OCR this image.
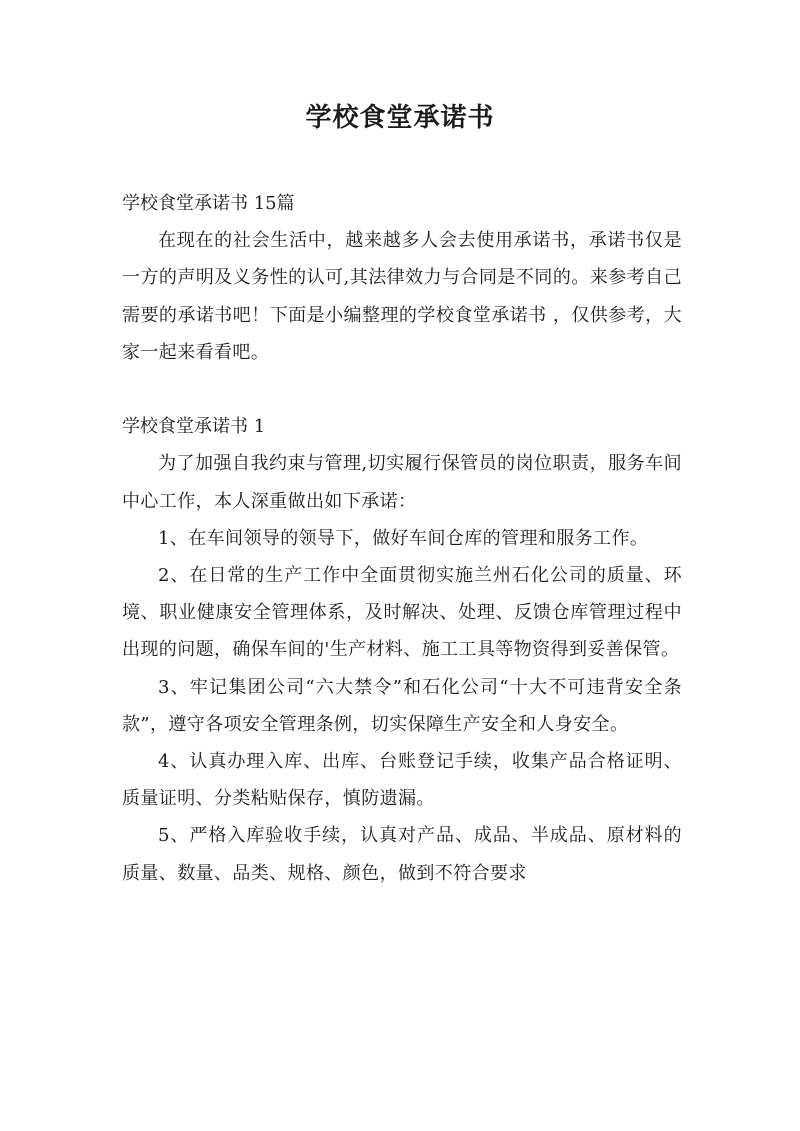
学校食堂承诺书

学校食堂承诺书 15篇

在现在的社会生活中，越来越多人会去使用承诺书，承诺书仅是一方的声明及义务性的认可,其法律效力与合同是不同的。来参考自己需要的承诺书吧！下面是小编整理的学校食堂承诺书 ，仅供参考，大家一起来看看吧。

学校食堂承诺书 1

为了加强自我约束与管理,切实履行保管员的岗位职责，服务车间中心工作，本人深重做出如下承诺：

1、在车间领导的领导下，做好车间仓库的管理和服务工作。

2、在日常的生产工作中全面贯彻实施兰州石化公司的质量、环境、职业健康安全管理体系，及时解决、处理、反馈仓库管理过程中出现的问题，确保车间的'生产材料、施工工具等物资得到妥善保管。

3、牢记集团公司“六大禁令”和石化公司“十大不可违背安全条款”，遵守各项安全管理条例，切实保障生产安全和人身安全。

4、认真办理入库、出库、台账登记手续，收集产品合格证明、质量证明、分类粘贴保存，慎防遗漏。

5、严格入库验收手续，认真对产品、成品、半成品、原材料的质量、数量、品类、规格、颜色，做到不符合要求
